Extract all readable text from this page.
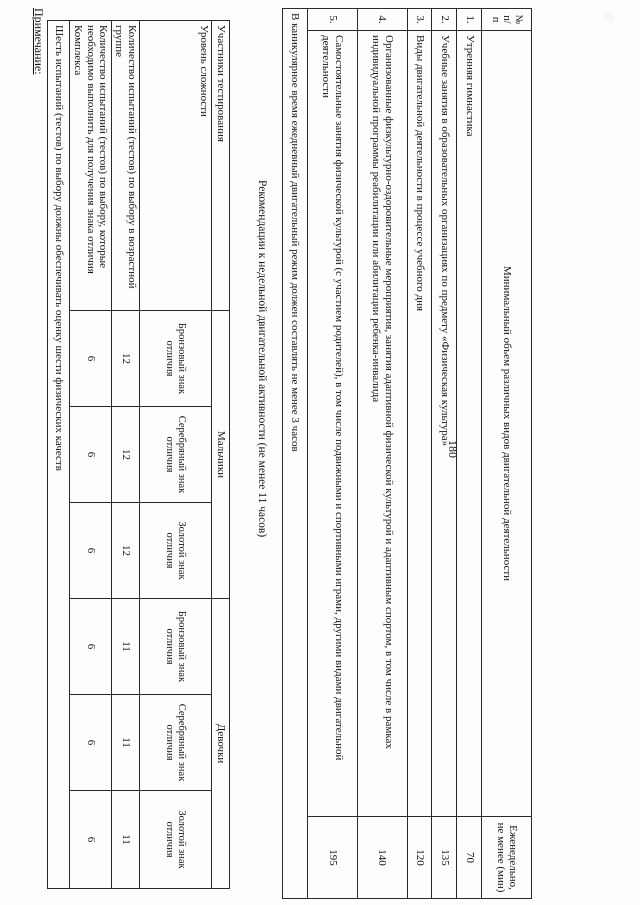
180
Участники тестирования	Мальчики			Девочки		
Уровень сложности	Бронзовый знак отличия	Серебряный знак отличия	Золотой знак отличия	Бронзовый знак отличия	Серебряный знак отличия	Золотой знак отличия
Количество испытаний (тестов) по выбору в возрастной группе	12	12	12	11	11	11
Количество испытаний (тестов) по выбору, которые необходимо выполнить для получения знака отличия Комплекса	6	6	6	6	6	6
Шесть испытаний (тестов) по выбору должны обеспечивать оценку шести физических качеств						
Примечание:
Рекомендации к недельной двигательной активности (не менее 11 часов)
№ п/п	Минимальный объем различных видов двигательной деятельности	Еженедельно, не менее (мин)
1.	Утренняя гимнастика	70
2.	Учебные занятия в образовательных организациях по предмету «Физическая культура»	135
3.	Виды двигательной деятельности в процессе учебного дня	120
4.	Организованные физкультурно-оздоровительные мероприятия, занятия адаптивной физической культурой и адаптивным спортом, в том числе в рамках индивидуальной программы реабилитации или абилитации ребенка-инвалида	140
5.	Самостоятельные занятия физической культурой (с участием родителей), в том числе подвижными и спортивными играми, другими видами двигательной деятельности	195
В каникулярное время ежедневный двигательный режим должен составлять не менее 3 часов		
